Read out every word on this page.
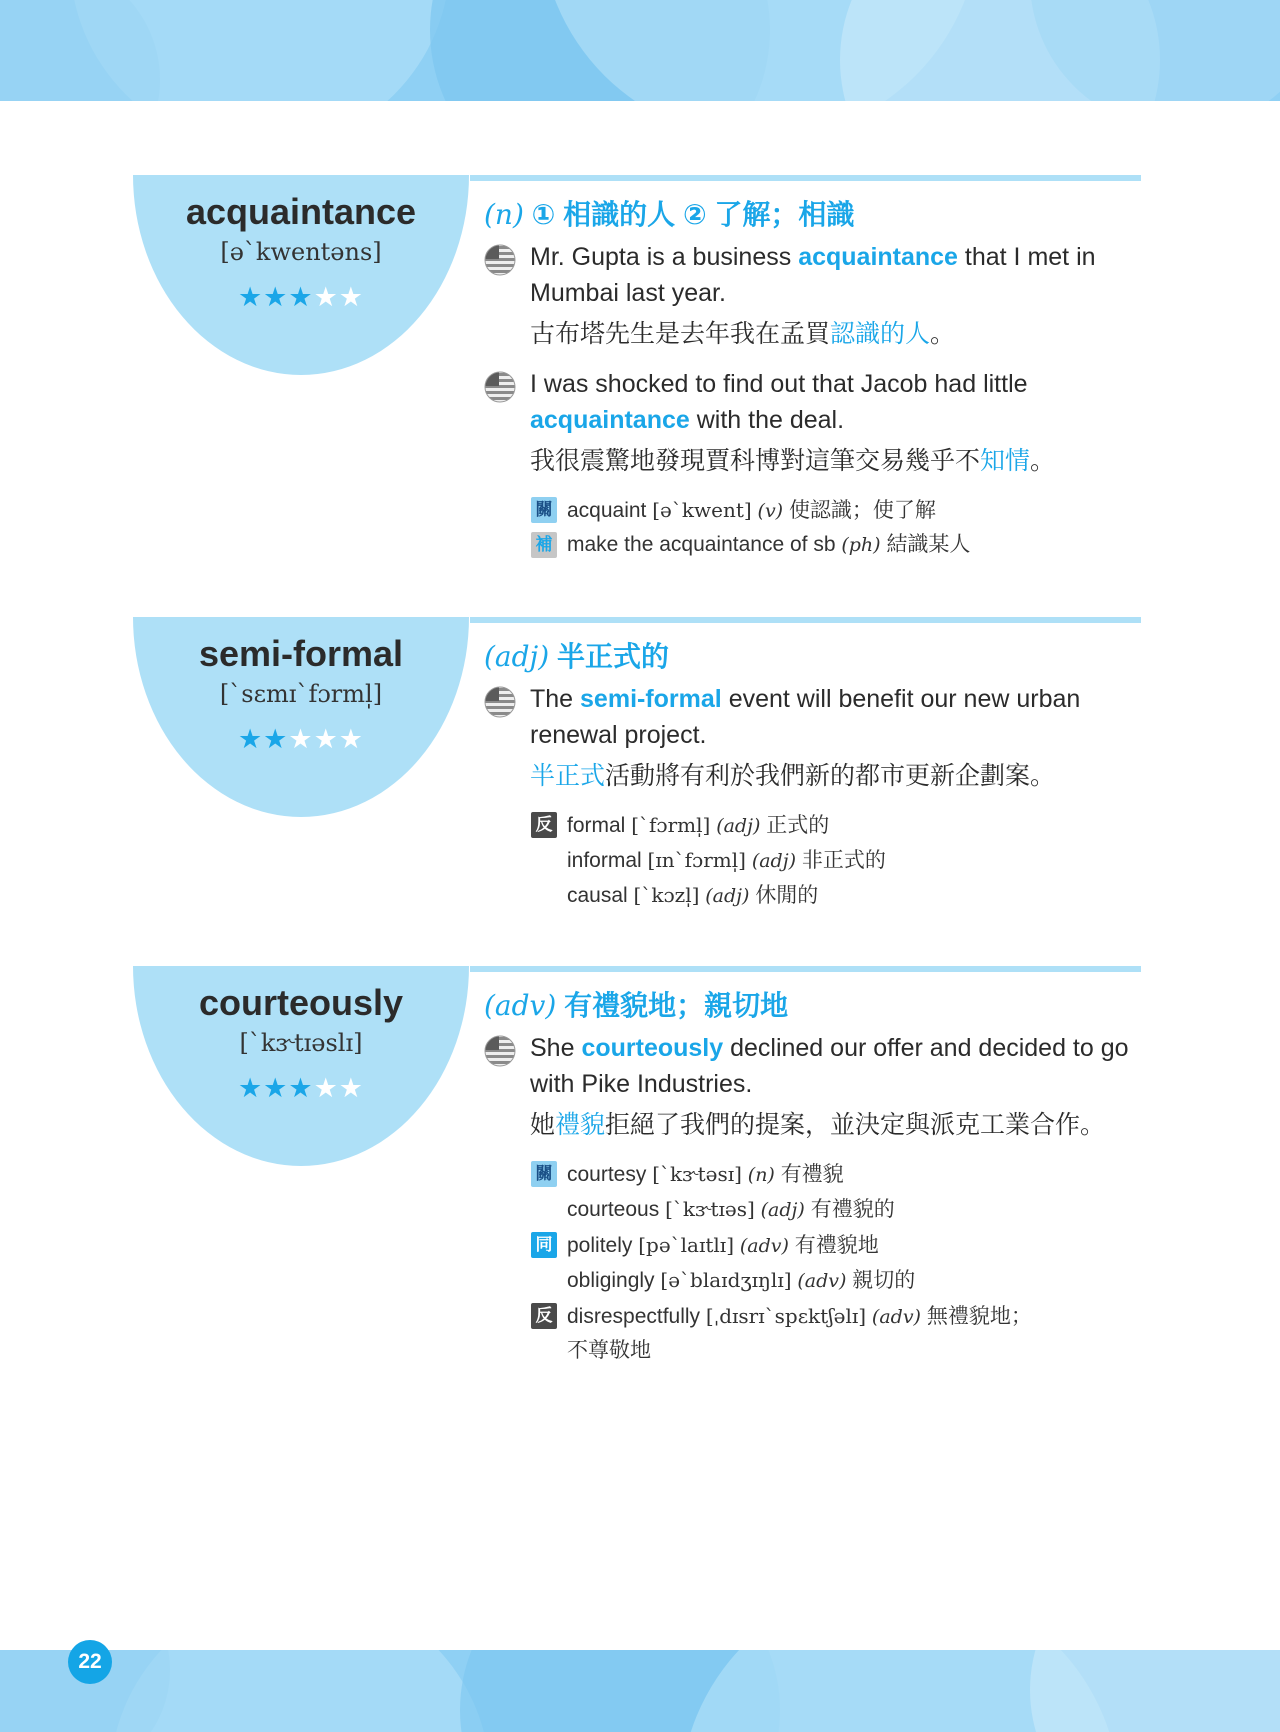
acquaintance
[əˋkwentəns]
★★★★★
(n) ① 相識的人 ② 了解；相識
Mr. Gupta is a business acquaintance that I met in Mumbai last year.
古布塔先生是去年我在孟買認識的人。
I was shocked to find out that Jacob had little acquaintance with the deal.
我很震驚地發現賈科博對這筆交易幾乎不知情。
關 acquaint [əˋkwent] (v) 使認識；使了解
補 make the acquaintance of sb (ph) 結識某人
semi-formal
[ˋsɛmɪˋfɔrml̩]
★★★★★
(adj) 半正式的
The semi-formal event will benefit our new urban renewal project.
半正式活動將有利於我們新的都市更新企劃案。
反 formal [ˋfɔrml̩] (adj) 正式的
informal [ɪnˋfɔrml̩] (adj) 非正式的
causal [ˋkɔzl̩] (adj) 休閒的
courteously
[ˋkɝtɪəslɪ]
★★★★★
(adv) 有禮貌地；親切地
She courteously declined our offer and decided to go with Pike Industries.
她禮貌拒絕了我們的提案，並決定與派克工業合作。
關 courtesy [ˋkɝtəsɪ] (n) 有禮貌
courteous [ˋkɝtɪəs] (adj) 有禮貌的
同 politely [pəˋlaɪtlɪ] (adv) 有禮貌地
obligingly [əˋblaɪdʒɪŋlɪ] (adv) 親切的
反 disrespectfully [ˌdɪsrɪˋspɛktʃəlɪ] (adv) 無禮貌地；
不尊敬地
22
